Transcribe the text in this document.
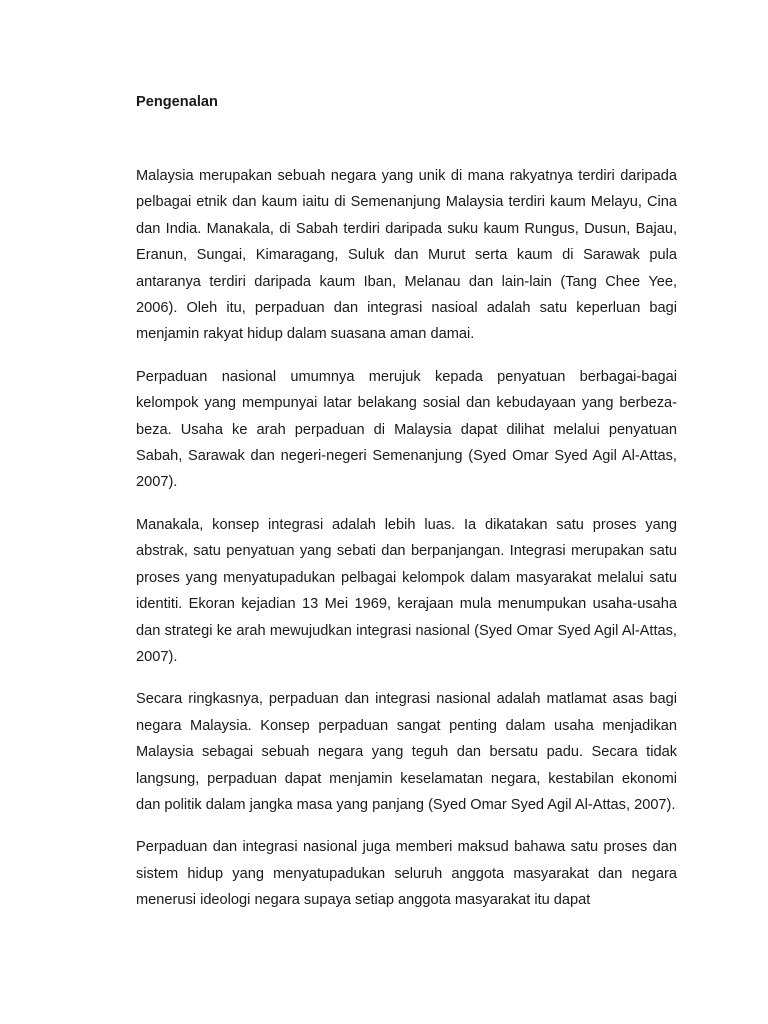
Pengenalan

Malaysia merupakan sebuah negara yang unik di mana rakyatnya terdiri daripada pelbagai etnik dan kaum iaitu di Semenanjung Malaysia terdiri kaum Melayu, Cina dan India. Manakala, di Sabah terdiri daripada suku kaum Rungus, Dusun, Bajau, Eranun, Sungai, Kimaragang, Suluk dan Murut serta kaum di Sarawak pula antaranya terdiri daripada kaum Iban, Melanau dan lain-lain (Tang Chee Yee, 2006). Oleh itu, perpaduan dan integrasi nasioal adalah satu keperluan bagi menjamin rakyat hidup dalam suasana aman damai.

Perpaduan nasional umumnya merujuk kepada penyatuan berbagai-bagai kelompok yang mempunyai latar belakang sosial dan kebudayaan yang berbeza-beza. Usaha ke arah perpaduan di Malaysia dapat dilihat melalui penyatuan Sabah, Sarawak dan negeri-negeri Semenanjung (Syed Omar Syed Agil Al-Attas, 2007).

Manakala, konsep integrasi adalah lebih luas. Ia dikatakan satu proses yang abstrak, satu penyatuan yang sebati dan berpanjangan. Integrasi merupakan satu proses yang menyatupadukan pelbagai kelompok dalam masyarakat melalui satu identiti. Ekoran kejadian 13 Mei 1969, kerajaan mula menumpukan usaha-usaha dan strategi ke arah mewujudkan integrasi nasional (Syed Omar Syed Agil Al-Attas, 2007).

Secara ringkasnya, perpaduan dan integrasi nasional adalah matlamat asas bagi negara Malaysia. Konsep perpaduan sangat penting dalam usaha menjadikan Malaysia sebagai sebuah negara yang teguh dan bersatu padu. Secara tidak langsung, perpaduan dapat menjamin keselamatan negara, kestabilan ekonomi dan politik dalam jangka masa yang panjang (Syed Omar Syed Agil Al-Attas, 2007).

Perpaduan dan integrasi nasional juga memberi maksud bahawa satu proses dan sistem hidup yang menyatupadukan seluruh anggota masyarakat dan negara menerusi ideologi negara supaya setiap anggota masyarakat itu dapat
